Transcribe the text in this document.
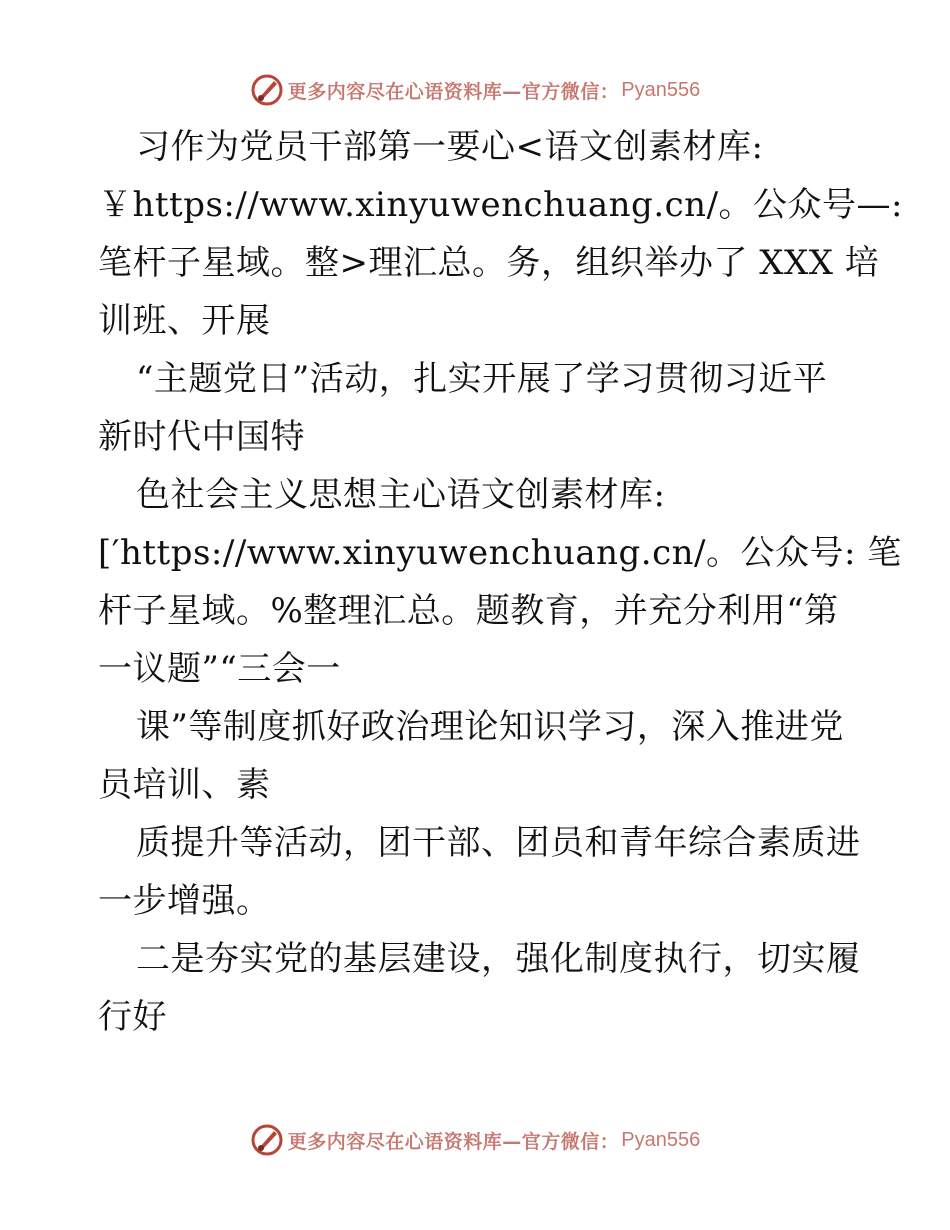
更多内容尽在心语资料库—官方微信： Pyan556
习作为党员干部第一要心<语文创素材库:
￥https://www.xinyuwenchuang.cn/。公众号—:
笔杆子星域。整>理汇总。务，组织举办了 XXX 培
训班、开展
“主题党日”活动，扎实开展了学习贯彻习近平
新时代中国特
色社会主义思想主心语文创素材库:
[′https://www.xinyuwenchuang.cn/。公众号: 笔
杆子星域。%整理汇总。题教育，并充分利用“第
一议题”“三会一
课”等制度抓好政治理论知识学习，深入推进党
员培训、素
质提升等活动，团干部、团员和青年综合素质进
一步增强。
二是夯实党的基层建设，强化制度执行，切实履
行好
更多内容尽在心语资料库—官方微信： Pyan556
